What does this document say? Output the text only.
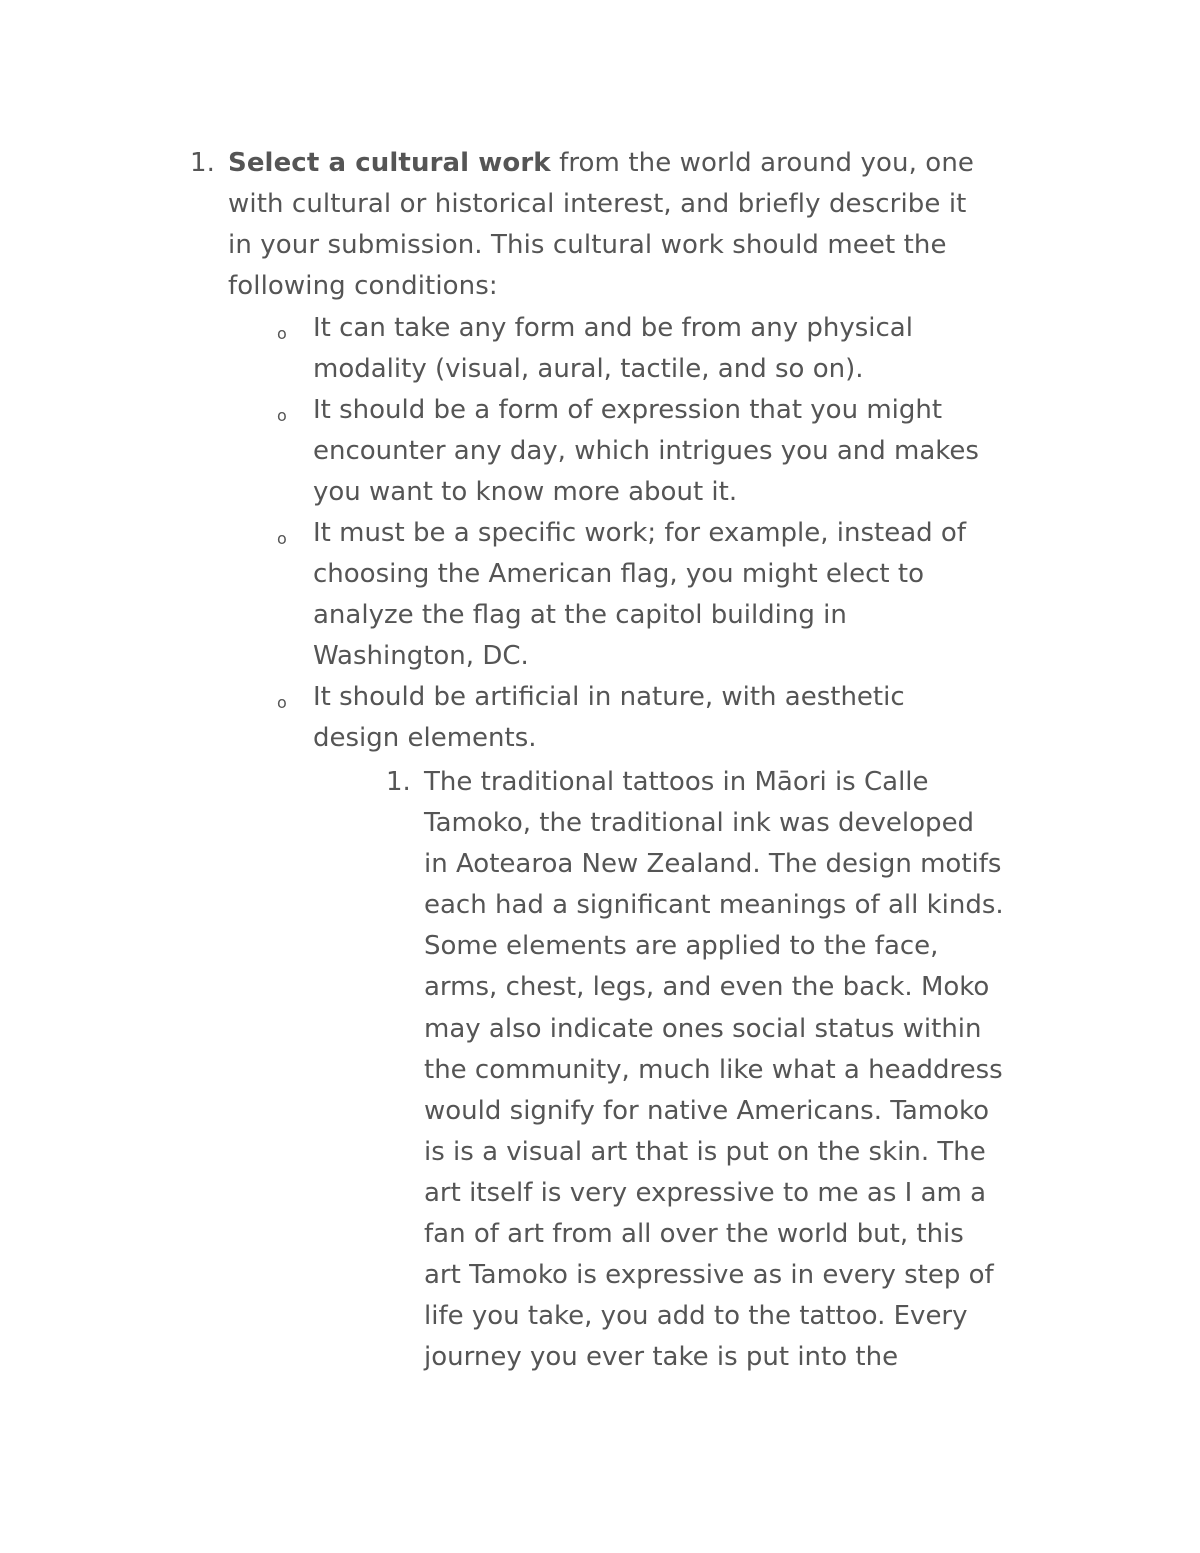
1. Select a cultural work from the world around you, one
with cultural or historical interest, and briefly describe it
in your submission. This cultural work should meet the
following conditions:
o It can take any form and be from any physical
modality (visual, aural, tactile, and so on).
o It should be a form of expression that you might
encounter any day, which intrigues you and makes
you want to know more about it.
o It must be a specific work; for example, instead of
choosing the American flag, you might elect to
analyze the flag at the capitol building in
Washington, DC.
o It should be artificial in nature, with aesthetic
design elements.
1. The traditional tattoos in Māori is Calle
Tamoko, the traditional ink was developed
in Aotearoa New Zealand. The design motifs
each had a significant meanings of all kinds.
Some elements are applied to the face,
arms, chest, legs, and even the back. Moko
may also indicate ones social status within
the community, much like what a headdress
would signify for native Americans. Tamoko
is is a visual art that is put on the skin. The
art itself is very expressive to me as I am a
fan of art from all over the world but, this
art Tamoko is expressive as in every step of
life you take, you add to the tattoo. Every
journey you ever take is put into the
